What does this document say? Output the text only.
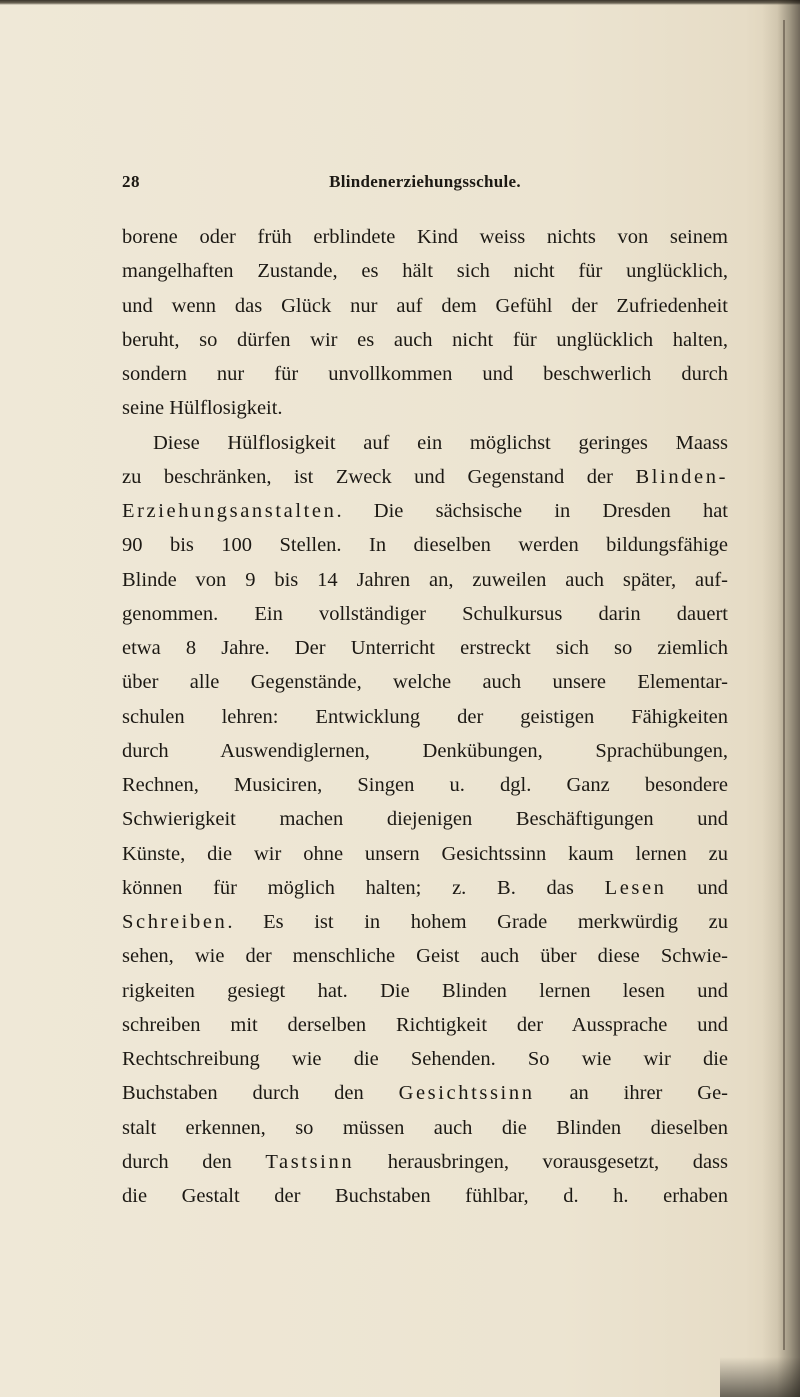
28	Blindenerziehungsschule.
borene oder früh erblindete Kind weiss nichts von seinem
mangelhaften Zustande, es hält sich nicht für unglücklich,
und wenn das Glück nur auf dem Gefühl der Zufriedenheit
beruht, so dürfen wir es auch nicht für unglücklich halten,
sondern nur für unvollkommen und beschwerlich durch
seine Hülflosigkeit.
Diese Hülflosigkeit auf ein möglichst geringes Maass
zu beschränken, ist Zweck und Gegenstand der Blinden-
Erziehungsanstalten. Die sächsische in Dresden hat
90 bis 100 Stellen. In dieselben werden bildungsfähige
Blinde von 9 bis 14 Jahren an, zuweilen auch später, auf-
genommen. Ein vollständiger Schulkursus darin dauert
etwa 8 Jahre. Der Unterricht erstreckt sich so ziemlich
über alle Gegenstände, welche auch unsere Elementar-
schulen lehren: Entwicklung der geistigen Fähigkeiten
durch Auswendiglernen, Denkübungen, Sprachübungen,
Rechnen, Musiciren, Singen u. dgl. Ganz besondere
Schwierigkeit machen diejenigen Beschäftigungen und
Künste, die wir ohne unsern Gesichtssinn kaum lernen zu
können für möglich halten; z. B. das Lesen und
Schreiben. Es ist in hohem Grade merkwürdig zu
sehen, wie der menschliche Geist auch über diese Schwie-
rigkeiten gesiegt hat. Die Blinden lernen lesen und
schreiben mit derselben Richtigkeit der Aussprache und
Rechtschreibung wie die Sehenden. So wie wir die
Buchstaben durch den Gesichtssinn an ihrer Ge-
stalt erkennen, so müssen auch die Blinden dieselben
durch den Tastsinn herausbringen, vorausgesetzt, dass
die Gestalt der Buchstaben fühlbar, d. h. erhaben
